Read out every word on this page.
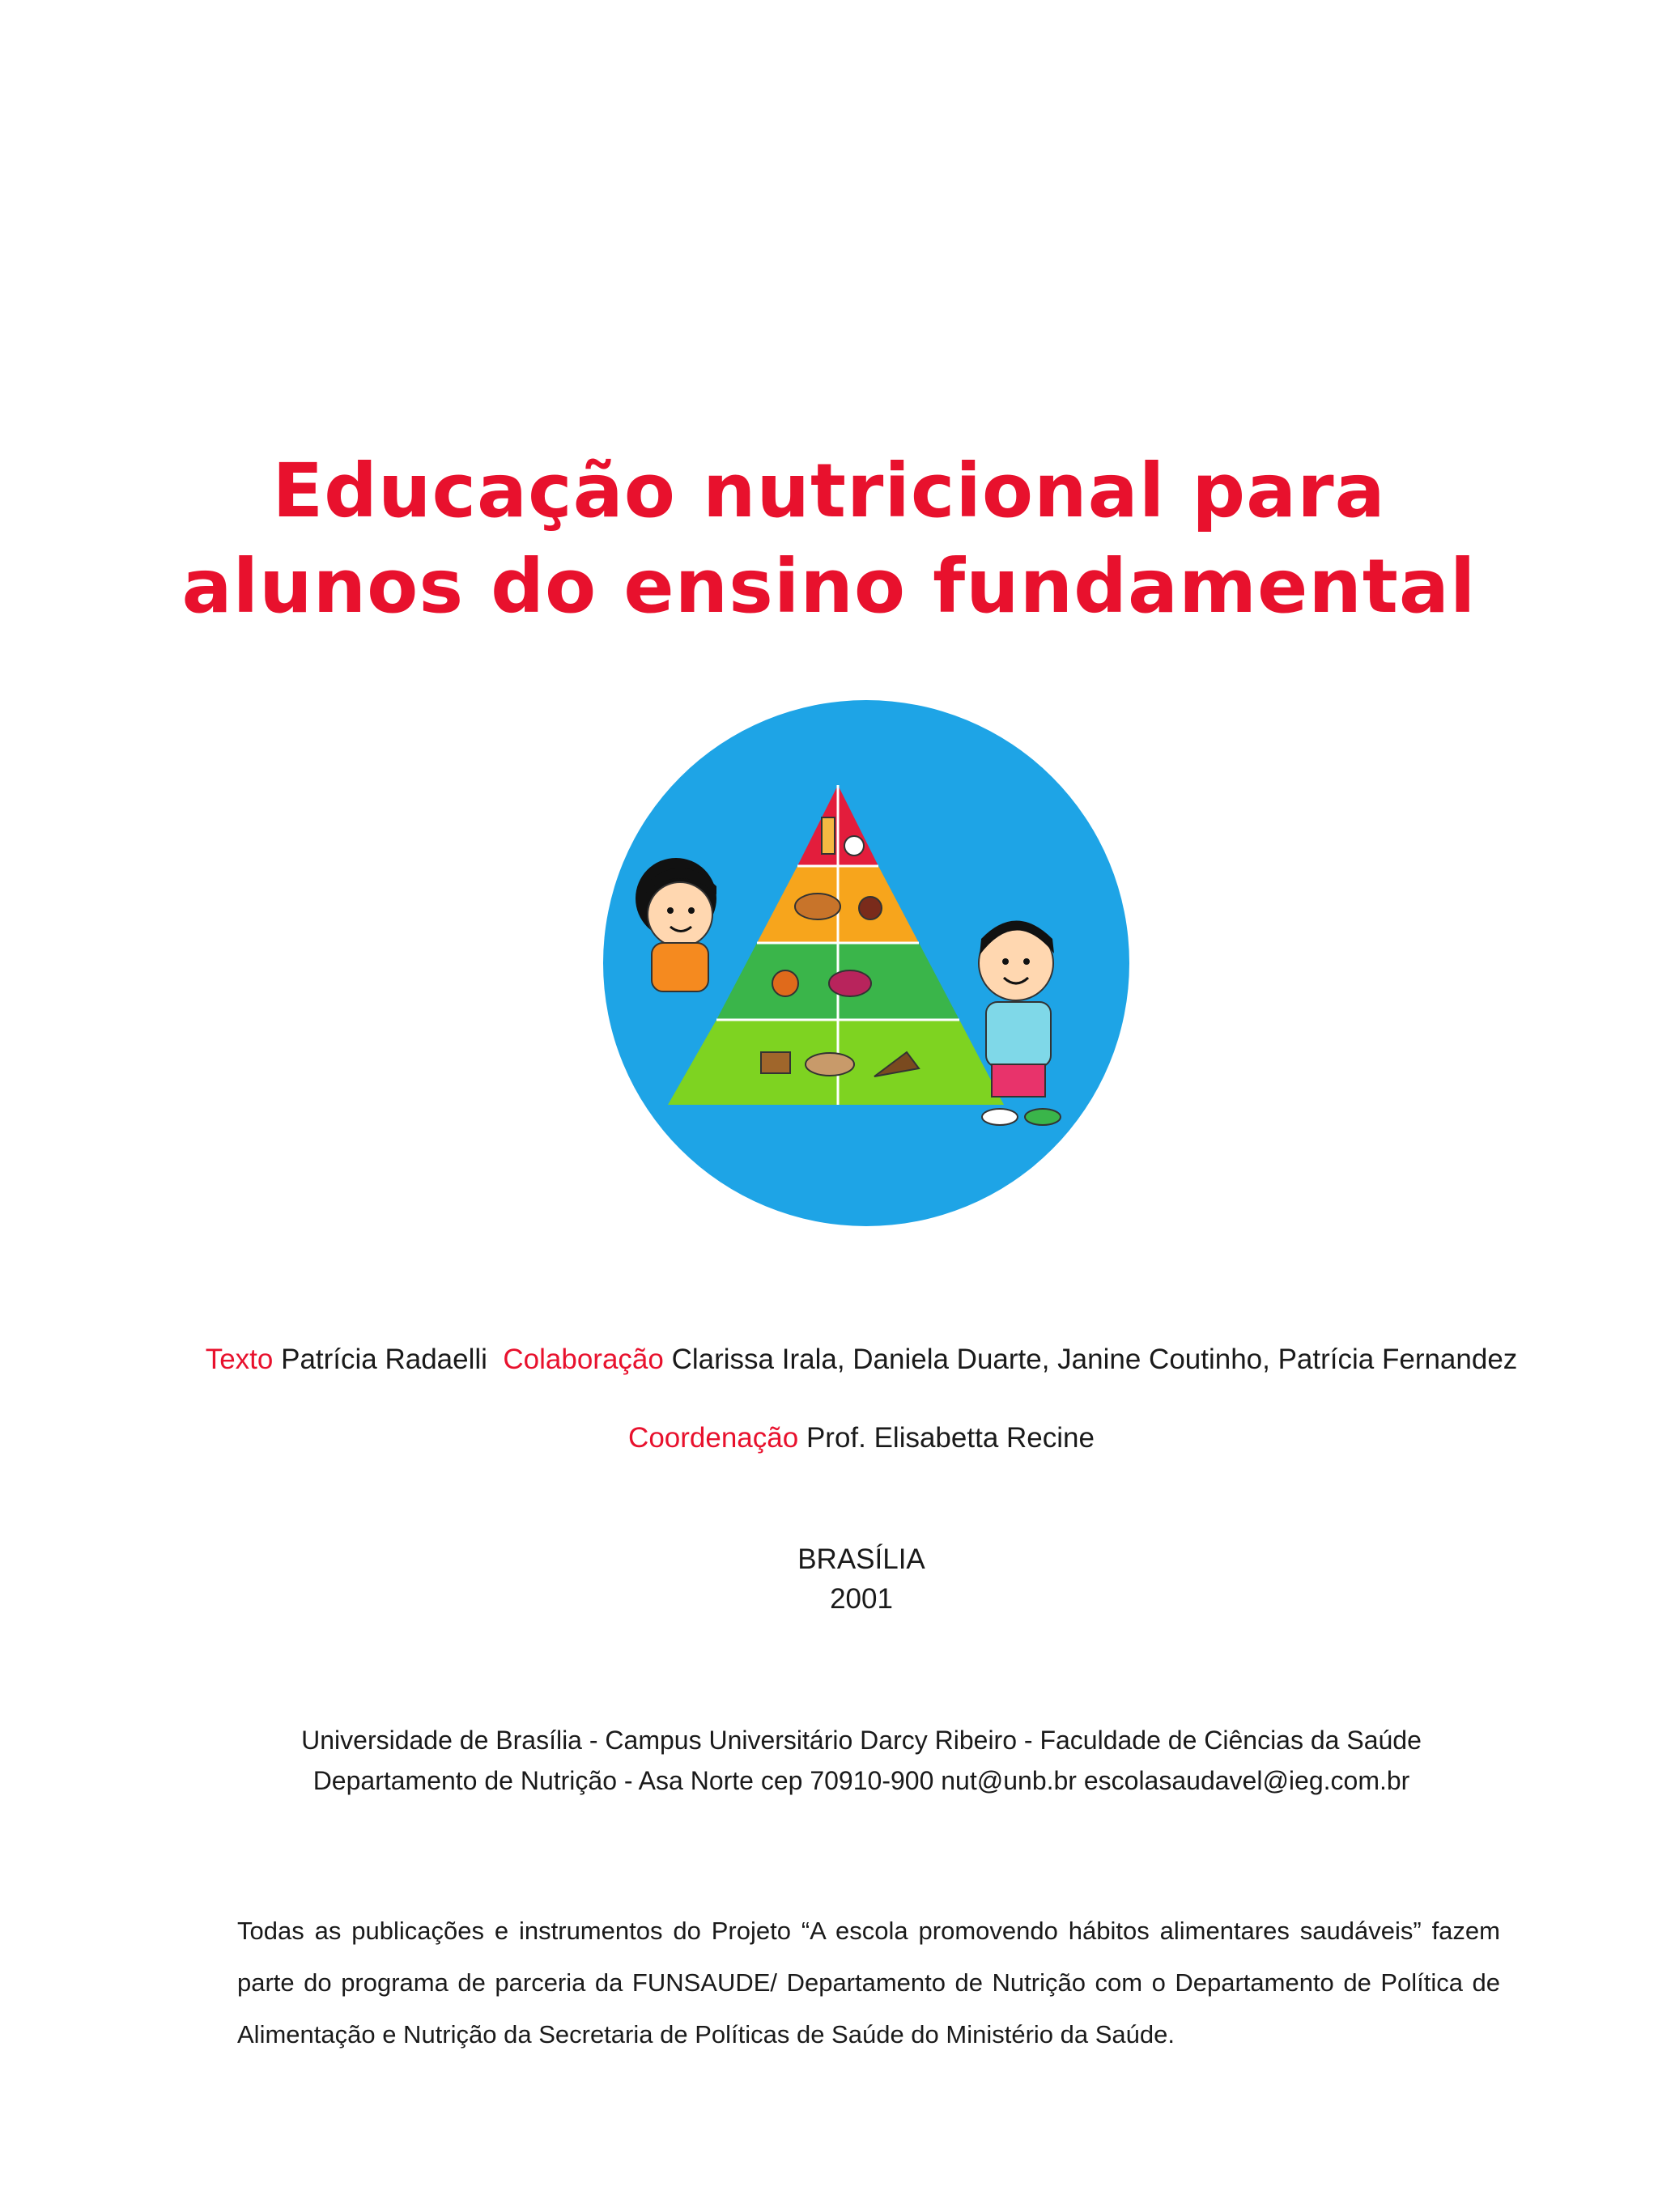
Educação nutricional para
alunos do ensino fundamental
Texto Patrícia Radaelli Colaboração Clarissa Irala, Daniela Duarte, Janine Coutinho, Patrícia Fernandez
Coordenação Prof. Elisabetta Recine
BRASÍLIA
2001
Universidade de Brasília - Campus Universitário Darcy Ribeiro - Faculdade de Ciências da Saúde
Departamento de Nutrição - Asa Norte cep 70910-900 nut@unb.br escolasaudavel@ieg.com.br
Todas as publicações e instrumentos do Projeto “A escola promovendo hábitos alimentares saudáveis” fazem parte do programa de parceria da FUNSAUDE/ Departamento de Nutrição com o Departamento de Política de Alimentação e Nutrição da Secretaria de Políticas de Saúde do Ministério da Saúde.
